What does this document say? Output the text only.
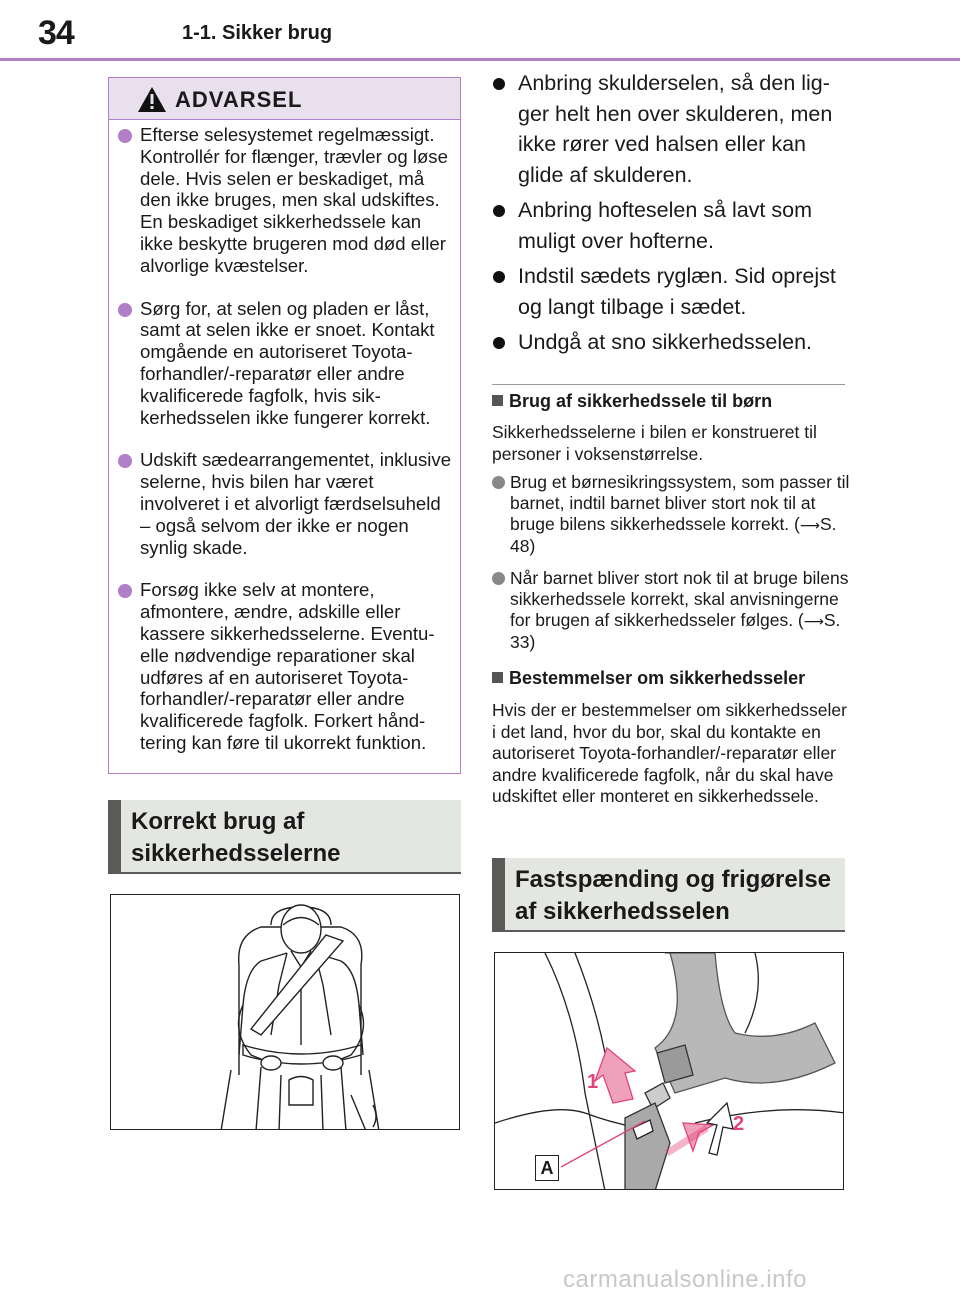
34	1-1. Sikker brug
ADVARSEL
Efterse selesystemet regelmæssigt. Kontrollér for flænger, trævler og løse dele. Hvis selen er beskadiget, må den ikke bruges, men skal udskiftes. En beskadiget sikkerhedssele kan ikke beskytte brugeren mod død eller alvorlige kvæstelser.
Sørg for, at selen og pladen er låst, samt at selen ikke er snoet. Kontakt omgående en autoriseret Toyota-forhandler/-reparatør eller andre kvalificerede fagfolk, hvis sikkerhedsselen ikke fungerer korrekt.
Udskift sædearrangementet, inklusive selerne, hvis bilen har været involveret i et alvorligt færdselsuheld – også selvom der ikke er nogen synlig skade.
Forsøg ikke selv at montere, afmontere, ændre, adskille eller kassere sikkerhedsselerne. Eventuelle nødvendige reparationer skal udføres af en autoriseret Toyota-forhandler/-reparatør eller andre kvalificerede fagfolk. Forkert håndtering kan føre til ukorrekt funktion.
Korrekt brug af
sikkerhedsselerne
Anbring skulderselen, så den ligger helt hen over skulderen, men ikke rører ved halsen eller kan glide af skulderen.
Anbring hofteselen så lavt som muligt over hofterne.
Indstil sædets ryglæn. Sid oprejst og langt tilbage i sædet.
Undgå at sno sikkerhedsselen.
Brug af sikkerhedssele til børn
Sikkerhedsselerne i bilen er konstrueret til personer i voksenstørrelse.
Brug et børnesikringssystem, som passer til barnet, indtil barnet bliver stort nok til at bruge bilens sikkerhedssele korrekt. (⟶S. 48)
Når barnet bliver stort nok til at bruge bilens sikkerhedssele korrekt, skal anvisningerne for brugen af sikkerhedsseler følges. (⟶S. 33)
Bestemmelser om sikkerhedsseler
Hvis der er bestemmelser om sikkerhedsseler i det land, hvor du bor, skal du kontakte en autoriseret Toyota-forhandler/-reparatør eller andre kvalificerede fagfolk, når du skal have udskiftet eller monteret en sikkerhedssele.
Fastspænding og frigørelse
af sikkerhedsselen
1
2
A
carmanualsonline.info
